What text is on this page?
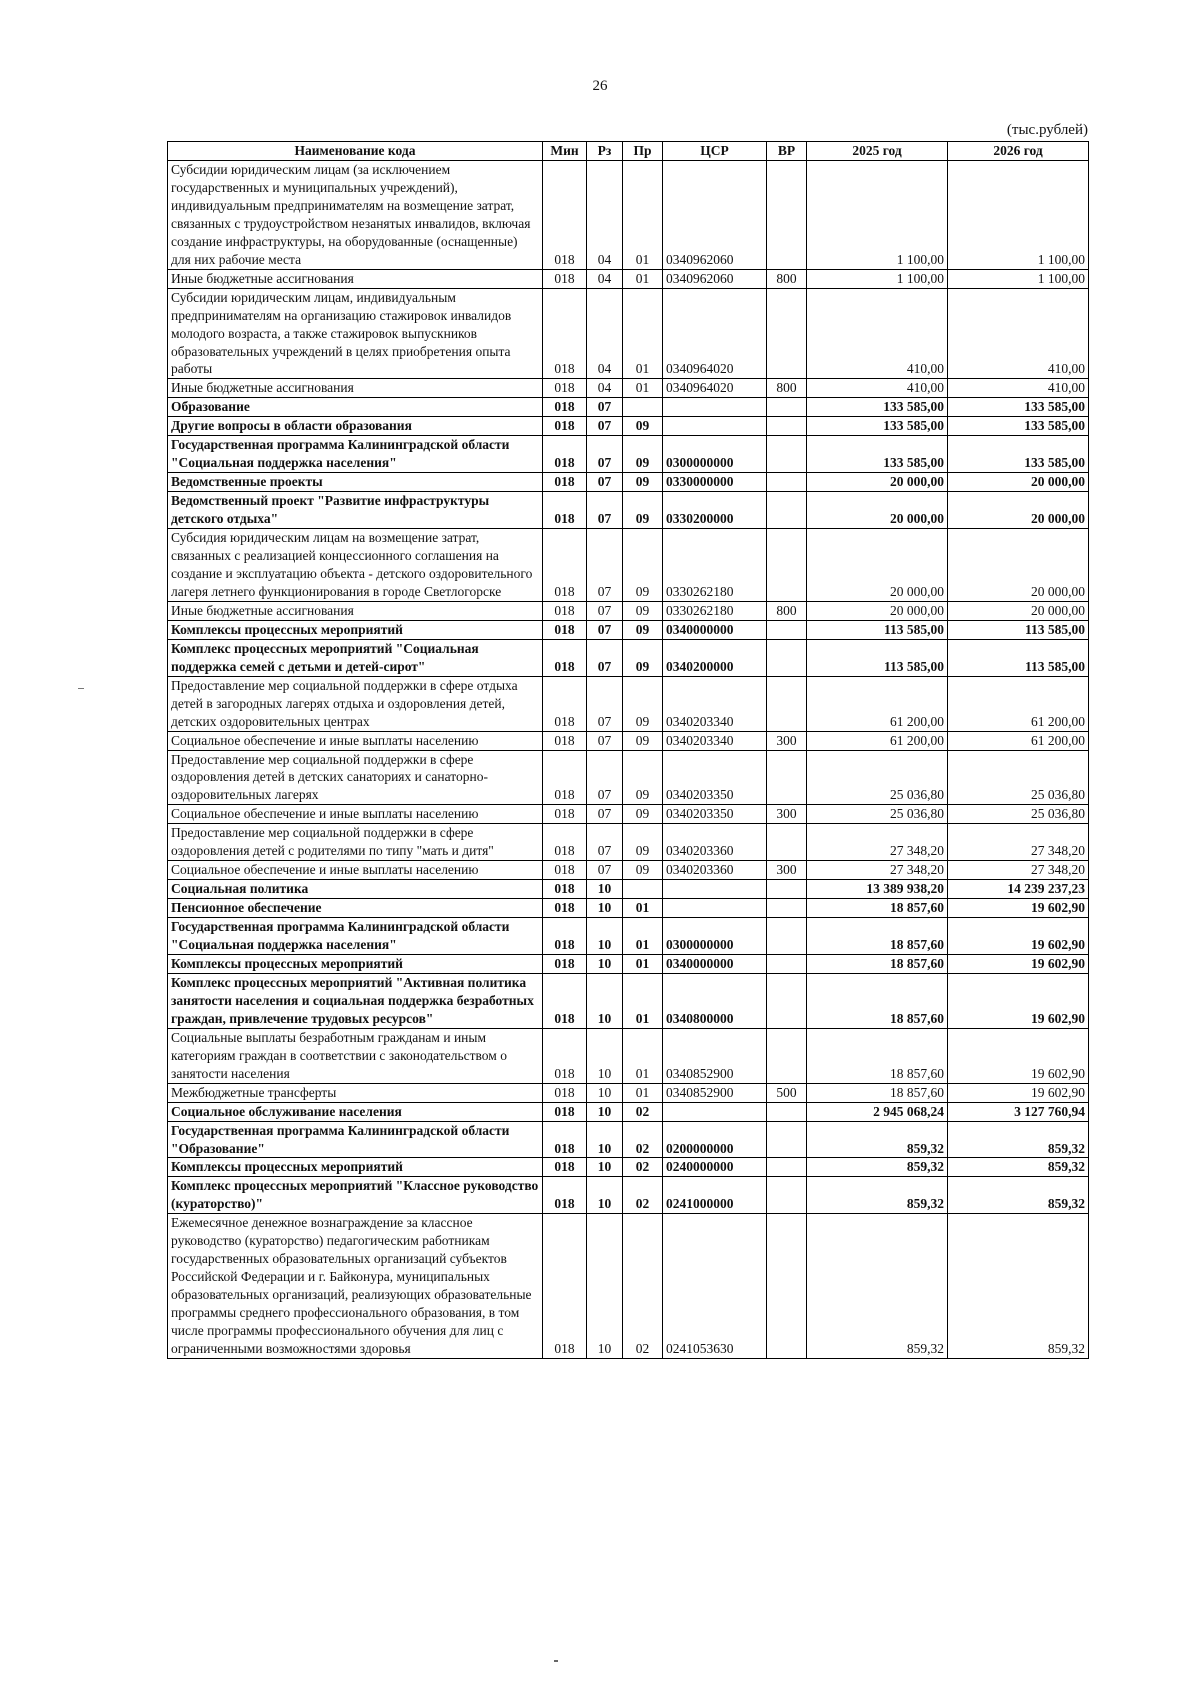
26
(тыс.рублей)
Наименование кода	Мин	Рз	Пр	ЦСР	ВР	2025 год	2026 год
Субсидии юридическим лицам (за исключением государственных и муниципальных учреждений), индивидуальным предпринимателям на возмещение затрат, связанных с трудоустройством незанятых инвалидов, включая создание инфраструктуры, на оборудованные (оснащенные) для них рабочие места	018	04	01	0340962060		1 100,00	1 100,00
Иные бюджетные ассигнования	018	04	01	0340962060	800	1 100,00	1 100,00
Субсидии юридическим лицам, индивидуальным предпринимателям на организацию стажировок инвалидов молодого возраста, а также стажировок выпускников образовательных учреждений в целях приобретения опыта работы	018	04	01	0340964020		410,00	410,00
Иные бюджетные ассигнования	018	04	01	0340964020	800	410,00	410,00
Образование	018	07				133 585,00	133 585,00
Другие вопросы в области образования	018	07	09			133 585,00	133 585,00
Государственная программа Калининградской области "Социальная поддержка населения"	018	07	09	0300000000		133 585,00	133 585,00
Ведомственные проекты	018	07	09	0330000000		20 000,00	20 000,00
Ведомственный проект "Развитие инфраструктуры детского отдыха"	018	07	09	0330200000		20 000,00	20 000,00
Субсидия юридическим лицам на возмещение затрат, связанных с реализацией концессионного соглашения на создание и эксплуатацию объекта - детского оздоровительного лагеря летнего функционирования в городе Светлогорске	018	07	09	0330262180		20 000,00	20 000,00
Иные бюджетные ассигнования	018	07	09	0330262180	800	20 000,00	20 000,00
Комплексы процессных мероприятий	018	07	09	0340000000		113 585,00	113 585,00
Комплекс процессных мероприятий "Социальная поддержка семей с детьми и детей-сирот"	018	07	09	0340200000		113 585,00	113 585,00
Предоставление мер социальной поддержки в сфере отдыха детей в загородных лагерях отдыха и оздоровления детей, детских оздоровительных центрах	018	07	09	0340203340		61 200,00	61 200,00
Социальное обеспечение и иные выплаты населению	018	07	09	0340203340	300	61 200,00	61 200,00
Предоставление мер социальной поддержки в сфере оздоровления детей в детских санаториях и санаторно-оздоровительных лагерях	018	07	09	0340203350		25 036,80	25 036,80
Социальное обеспечение и иные выплаты населению	018	07	09	0340203350	300	25 036,80	25 036,80
Предоставление мер социальной поддержки в сфере оздоровления детей с родителями по типу "мать и дитя"	018	07	09	0340203360		27 348,20	27 348,20
Социальное обеспечение и иные выплаты населению	018	07	09	0340203360	300	27 348,20	27 348,20
Социальная политика	018	10				13 389 938,20	14 239 237,23
Пенсионное обеспечение	018	10	01			18 857,60	19 602,90
Государственная программа Калининградской области "Социальная поддержка населения"	018	10	01	0300000000		18 857,60	19 602,90
Комплексы процессных мероприятий	018	10	01	0340000000		18 857,60	19 602,90
Комплекс процессных мероприятий "Активная политика занятости населения и социальная поддержка безработных граждан, привлечение трудовых ресурсов"	018	10	01	0340800000		18 857,60	19 602,90
Социальные выплаты безработным гражданам и иным категориям граждан в соответствии с законодательством о занятости населения	018	10	01	0340852900		18 857,60	19 602,90
Межбюджетные трансферты	018	10	01	0340852900	500	18 857,60	19 602,90
Социальное обслуживание населения	018	10	02			2 945 068,24	3 127 760,94
Государственная программа Калининградской области "Образование"	018	10	02	0200000000		859,32	859,32
Комплексы процессных мероприятий	018	10	02	0240000000		859,32	859,32
Комплекс процессных мероприятий "Классное руководство (кураторство)"	018	10	02	0241000000		859,32	859,32
Ежемесячное денежное вознаграждение за классное руководство (кураторство) педагогическим работникам государственных образовательных организаций субъектов Российской Федерации и г. Байконура, муниципальных образовательных организаций, реализующих образовательные программы среднего профессионального образования, в том числе программы профессионального обучения для лиц с ограниченными возможностями здоровья	018	10	02	0241053630		859,32	859,32
